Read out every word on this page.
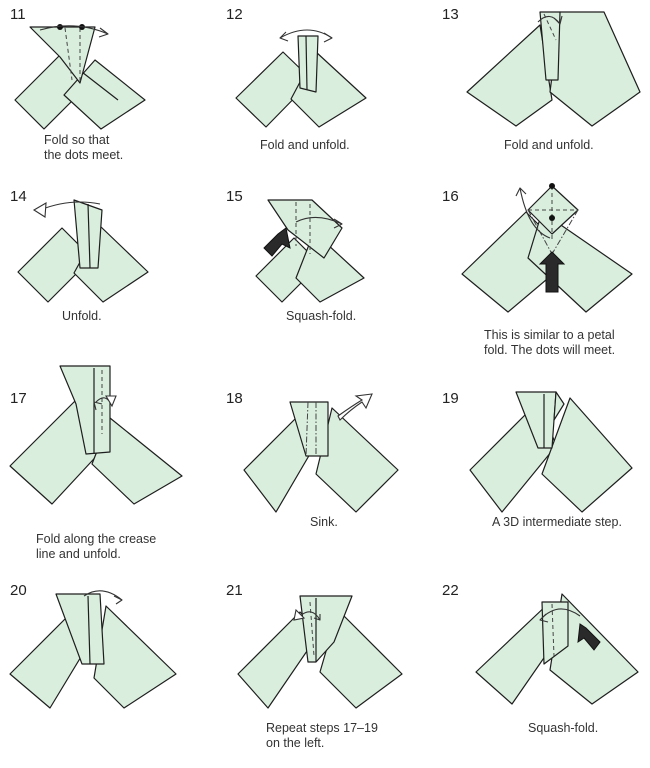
11
Fold so that
the dots meet.
12
Fold and unfold.
13
Fold and unfold.
14
Unfold.
15
Squash-fold.
16
This is similar to a petal
fold. The dots will meet.
17
Fold along the crease
line and unfold.
18
Sink.
19
A 3D intermediate step.
20	21
Repeat steps 17–19
on the left.
22
Squash-fold.
